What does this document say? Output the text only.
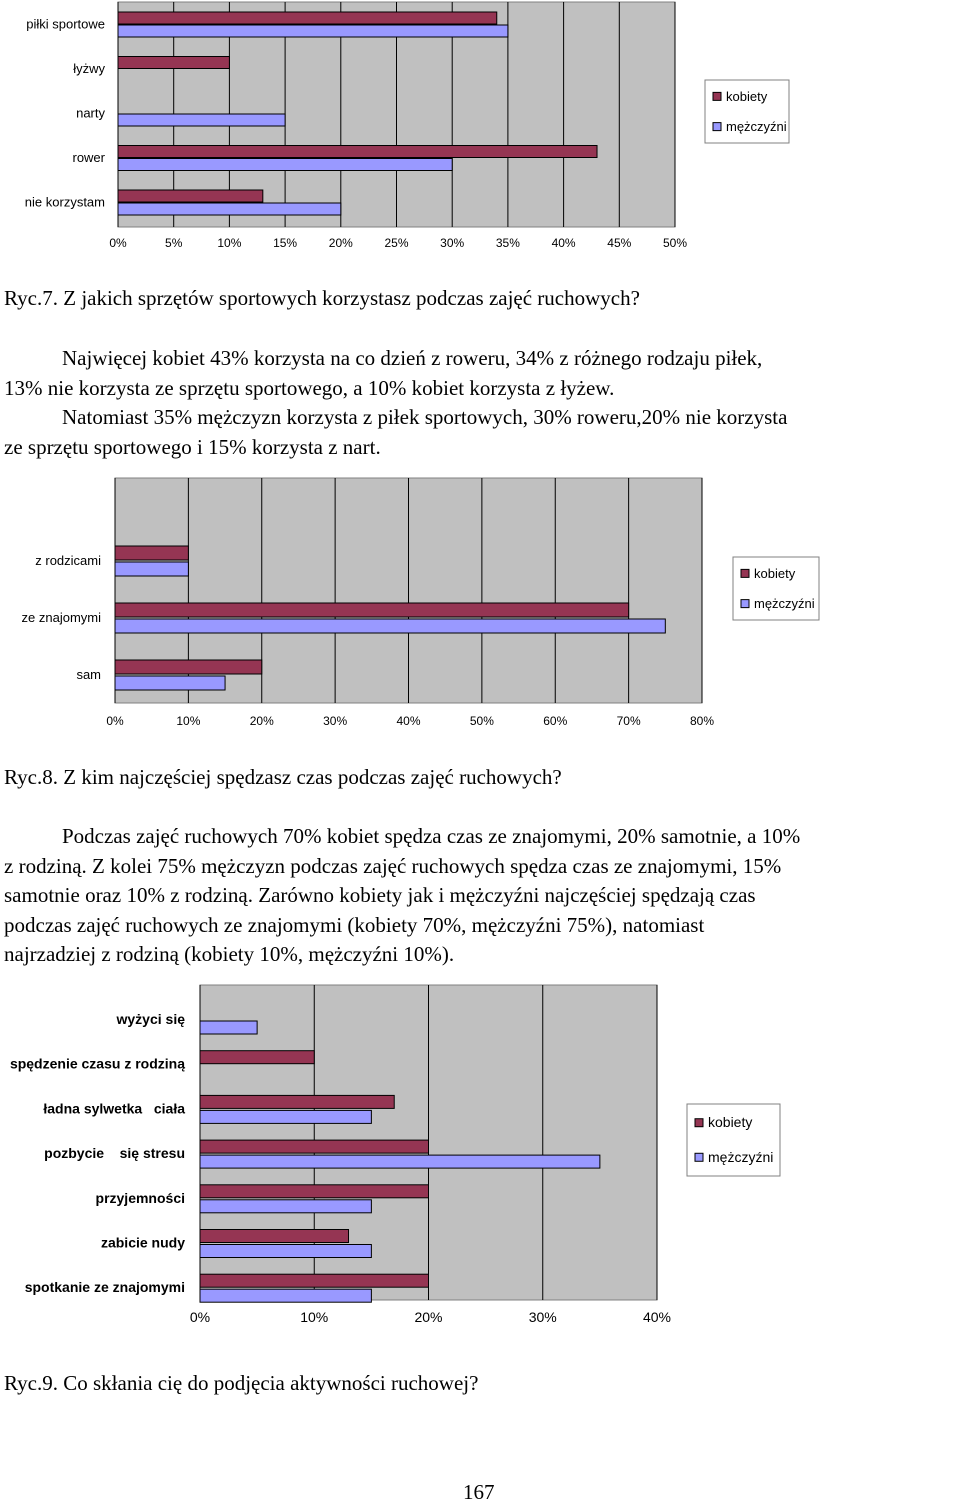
0%	5%	10%	15%	20%	25%	30%	35%	40%	45%	50%
piłki sportowe
łyżwy
narty
rower
nie korzystam
kobiety
mężczyźni
Ryc.7. Z jakich sprzętów sportowych korzystasz podczas zajęć ruchowych?
Najwięcej kobiet 43% korzysta na co dzień z roweru, 34% z różnego rodzaju piłek,
13% nie korzysta ze sprzętu sportowego, a 10% kobiet korzysta z łyżew.
Natomiast 35% mężczyzn korzysta z piłek sportowych, 30% roweru,20% nie korzysta
ze sprzętu sportowego i 15% korzysta z nart.
0%	10%	20%	30%	40%	50%	60%	70%	80%
z rodzicami
ze znajomymi
sam
kobiety
mężczyźni
Ryc.8. Z kim najczęściej spędzasz czas podczas zajęć ruchowych?
Podczas zajęć ruchowych 70% kobiet spędza czas ze znajomymi, 20% samotnie, a 10%
z rodziną. Z kolei 75% mężczyzn podczas zajęć ruchowych spędza czas ze znajomymi, 15%
samotnie oraz 10% z rodziną. Zarówno kobiety jak i mężczyźni najczęściej spędzają czas
podczas zajęć ruchowych ze znajomymi (kobiety 70%, mężczyźni 75%), natomiast
najrzadziej z rodziną (kobiety 10%, mężczyźni 10%).
0%	10%	20%	30%	40%
wyżyci się
spędzenie czasu z rodziną
ładna sylwetka   ciała
pozbycie    się stresu
przyjemności
zabicie nudy
spotkanie ze znajomymi
kobiety
mężczyźni
Ryc.9. Co skłania cię do podjęcia aktywności ruchowej?
167
